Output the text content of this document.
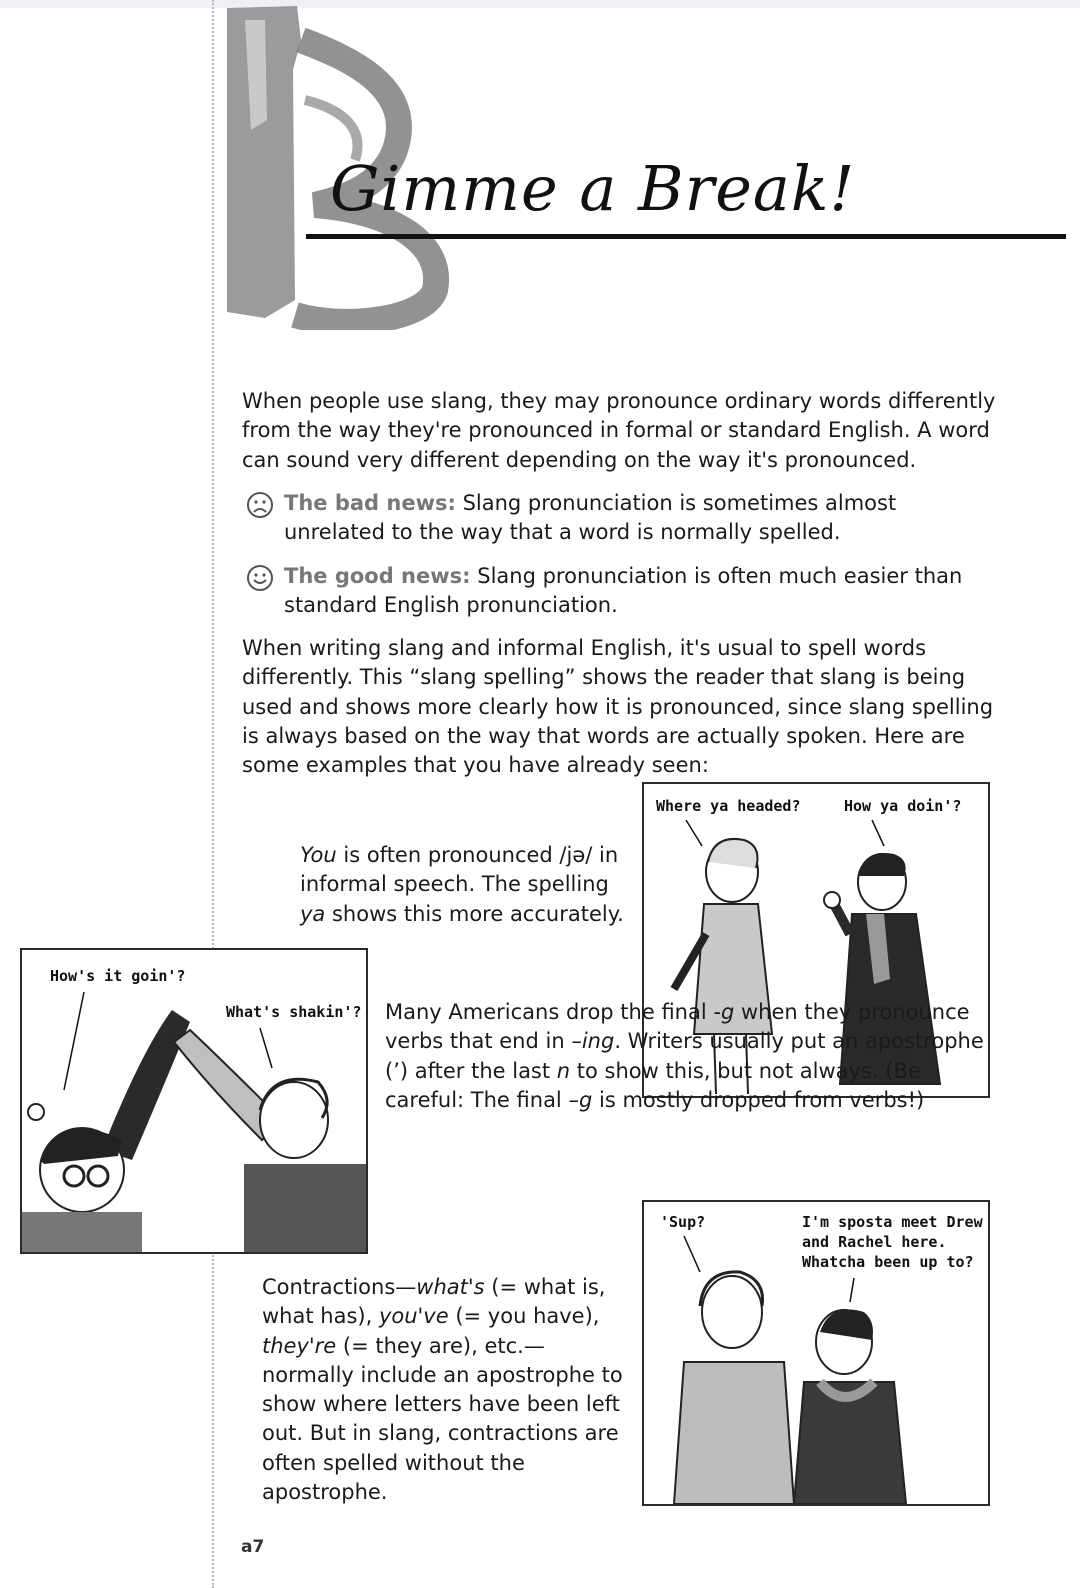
Gimme a Break!

When people use slang, they may pronounce ordinary words differently from the way they're pronounced in formal or standard English. A word can sound very different depending on the way it's pronounced.

The bad news: Slang pronunciation is sometimes almost unrelated to the way that a word is normally spelled.
The good news: Slang pronunciation is often much easier than standard English pronunciation.

When writing slang and informal English, it's usual to spell words differently. This “slang spelling” shows the reader that slang is being used and shows more clearly how it is pronounced, since slang spelling is always based on the way that words are actually spoken. Here are some examples that you have already seen:

Where ya headed?	How ya doin'?

You is often pronounced /jə/ in informal speech. The spelling ya shows this more accurately.

How's it goin'?
What's shakin'? Many Americans drop the final -g when they pronounce verbs that end in –ing. Writers usually put an apostrophe (’) after the last n to show this, but not always. (Be careful: The final –g is mostly dropped from verbs!)

'Sup?	I'm sposta meet Drew
and Rachel here.
Whatcha been up to?

Contractions—what's (= what is, what has), you've (= you have), they're (= they are), etc.—normally include an apostrophe to show where letters have been left out. But in slang, contractions are often spelled without the apostrophe.

a7
